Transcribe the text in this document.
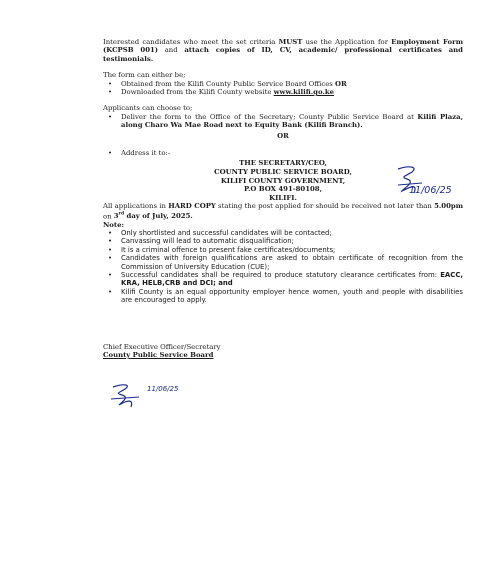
Interested candidates who meet the set criteria MUST use the Application for Employment Form (KCPSB 001) and attach copies of ID, CV, academic/ professional certificates and testimonials.

The form can either be;

• Obtained from the Kilifi County Public Service Board Offices OR
• Downloaded from the Kilifi County website www.kilifi.go.ke

Applicants can choose to;

• Deliver the form to the Office of the Secretary; County Public Service Board at Kilifi Plaza, along Charo Wa Mae Road next to Equity Bank (Kilifi Branch).

OR

• Address it to:-
THE SECRETARY/CEO,
COUNTY PUBLIC SERVICE BOARD,
KILIFI COUNTY GOVERNMENT,
P.O BOX 491-80108,
KILIFI.

All applications in HARD COPY stating the post applied for should be received not later than 5.00pm on 3rd day of July, 2025.

Note:

• Only shortlisted and successful candidates will be contacted;
• Canvassing will lead to automatic disqualification;
• It is a criminal offence to present fake certificates/documents;
• Candidates with foreign qualifications are asked to obtain certificate of recognition from the Commission of University Education (CUE);
• Successful candidates shall be required to produce statutory clearance certificates from: EACC, KRA, HELB,CRB and DCI; and
• Kilifi County is an equal opportunity employer hence women, youth and people with disabilities are encouraged to apply.

Chief Executive Officer/Secretary

County Public Service Board

11/06/25
11/06/25
